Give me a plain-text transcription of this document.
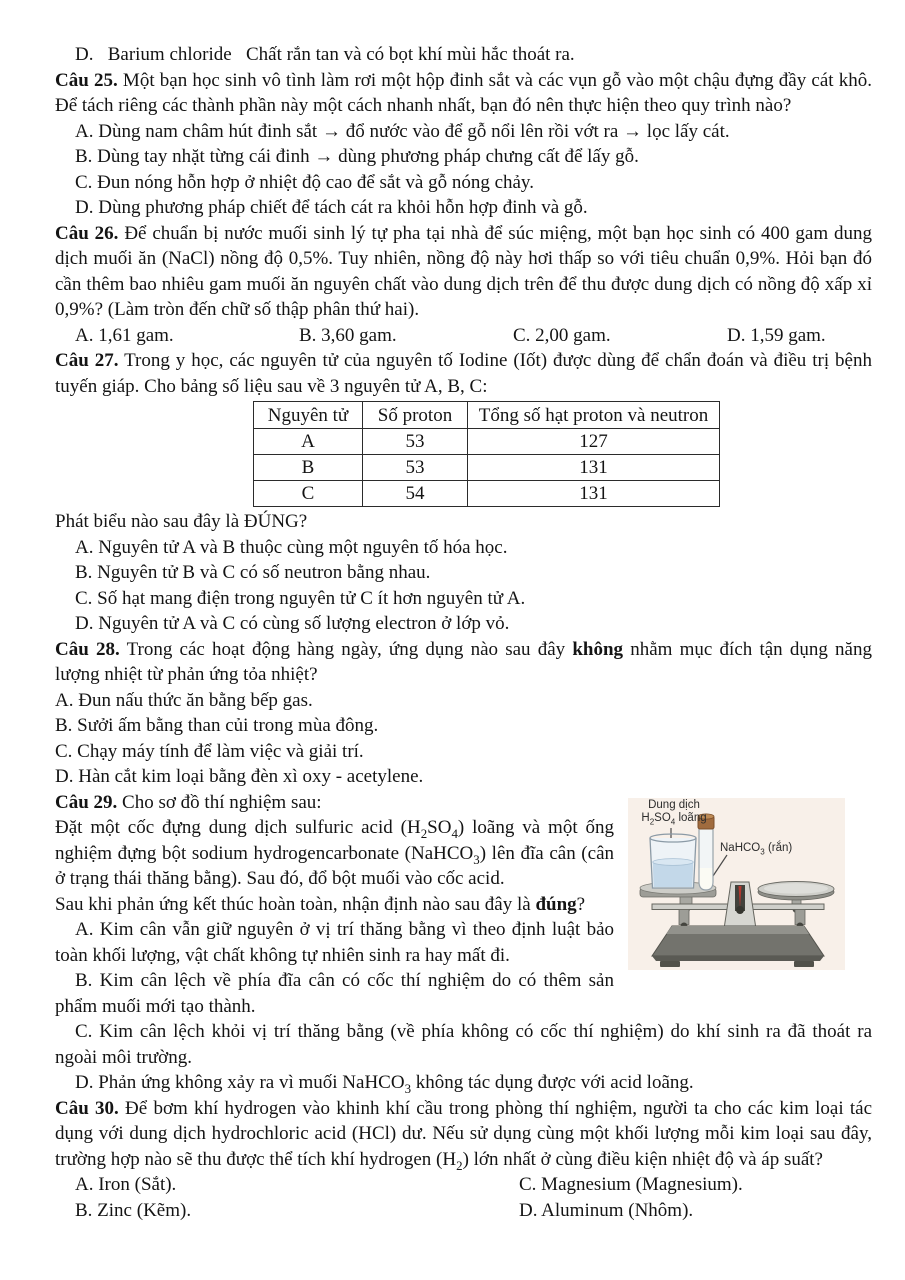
D.   Barium chloride   Chất rắn tan và có bọt khí mùi hắc thoát ra.

Câu 25. Một bạn học sinh vô tình làm rơi một hộp đinh sắt và các vụn gỗ vào một chậu đựng đầy cát khô. Để tách riêng các thành phần này một cách nhanh nhất, bạn đó nên thực hiện theo quy trình nào?

A. Dùng nam châm hút đinh sắt → đổ nước vào để gỗ nổi lên rồi vớt ra → lọc lấy cát.

B. Dùng tay nhặt từng cái đinh → dùng phương pháp chưng cất để lấy gỗ.

C. Đun nóng hỗn hợp ở nhiệt độ cao để sắt và gỗ nóng chảy.

D. Dùng phương pháp chiết để tách cát ra khỏi hỗn hợp đinh và gỗ.

Câu 26. Để chuẩn bị nước muối sinh lý tự pha tại nhà để súc miệng, một bạn học sinh có 400 gam dung dịch muối ăn (NaCl) nồng độ 0,5%. Tuy nhiên, nồng độ này hơi thấp so với tiêu chuẩn 0,9%. Hỏi bạn đó cần thêm bao nhiêu gam muối ăn nguyên chất vào dung dịch trên để thu được dung dịch có nồng độ xấp xỉ 0,9%? (Làm tròn đến chữ số thập phân thứ hai).

A. 1,61 gam.	B. 3,60 gam.	C. 2,00 gam.	D. 1,59 gam.

Câu 27. Trong y học, các nguyên tử của nguyên tố Iodine (Iốt) được dùng để chẩn đoán và điều trị bệnh tuyến giáp. Cho bảng số liệu sau về 3 nguyên tử A, B, C:

Nguyên tử	Số proton	Tổng số hạt proton và neutron
A	53	127
B	53	131
C	54	131

Phát biểu nào sau đây là ĐÚNG?

A. Nguyên tử A và B thuộc cùng một nguyên tố hóa học.

B. Nguyên tử B và C có số neutron bằng nhau.

C. Số hạt mang điện trong nguyên tử C ít hơn nguyên tử A.

D. Nguyên tử A và C có cùng số lượng electron ở lớp vỏ.

Câu 28. Trong các hoạt động hàng ngày, ứng dụng nào sau đây không nhằm mục đích tận dụng năng lượng nhiệt từ phản ứng tỏa nhiệt?

A. Đun nấu thức ăn bằng bếp gas.

B. Sưởi ấm bằng than củi trong mùa đông.

C. Chạy máy tính để làm việc và giải trí.

D. Hàn cắt kim loại bằng đèn xì oxy - acetylene.

Dung dịch
$H_2SO_4$ loãng
NaHCO$_3$ (rắn)

Câu 29. Cho sơ đồ thí nghiệm sau:

Đặt một cốc đựng dung dịch sulfuric acid $(H_2SO_4)$ loãng và một ống nghiệm đựng bột sodium hydrogencarbonate (NaHCO$_3$) lên đĩa cân (cân ở trạng thái thăng bằng). Sau đó, đổ bột muối vào cốc acid.

Sau khi phản ứng kết thúc hoàn toàn, nhận định nào sau đây là đúng?

A. Kim cân vẫn giữ nguyên ở vị trí thăng bằng vì theo định luật bảo toàn khối lượng, vật chất không tự nhiên sinh ra hay mất đi.

B. Kim cân lệch về phía đĩa cân có cốc thí nghiệm do có thêm sản phẩm muối mới tạo thành.

C. Kim cân lệch khỏi vị trí thăng bằng (về phía không có cốc thí nghiệm) do khí sinh ra đã thoát ra ngoài môi trường.

D. Phản ứng không xảy ra vì muối NaHCO$_3$ không tác dụng được với acid loãng.

Câu 30. Để bơm khí hydrogen vào khinh khí cầu trong phòng thí nghiệm, người ta cho các kim loại tác dụng với dung dịch hydrochloric acid (HCl) dư. Nếu sử dụng cùng một khối lượng mỗi kim loại sau đây, trường hợp nào sẽ thu được thể tích khí hydrogen $(H_2)$ lớn nhất ở cùng điều kiện nhiệt độ và áp suất?

A. Iron (Sắt).	C. Magnesium (Magnesium).
B. Zinc (Kẽm).	D. Aluminum (Nhôm).
